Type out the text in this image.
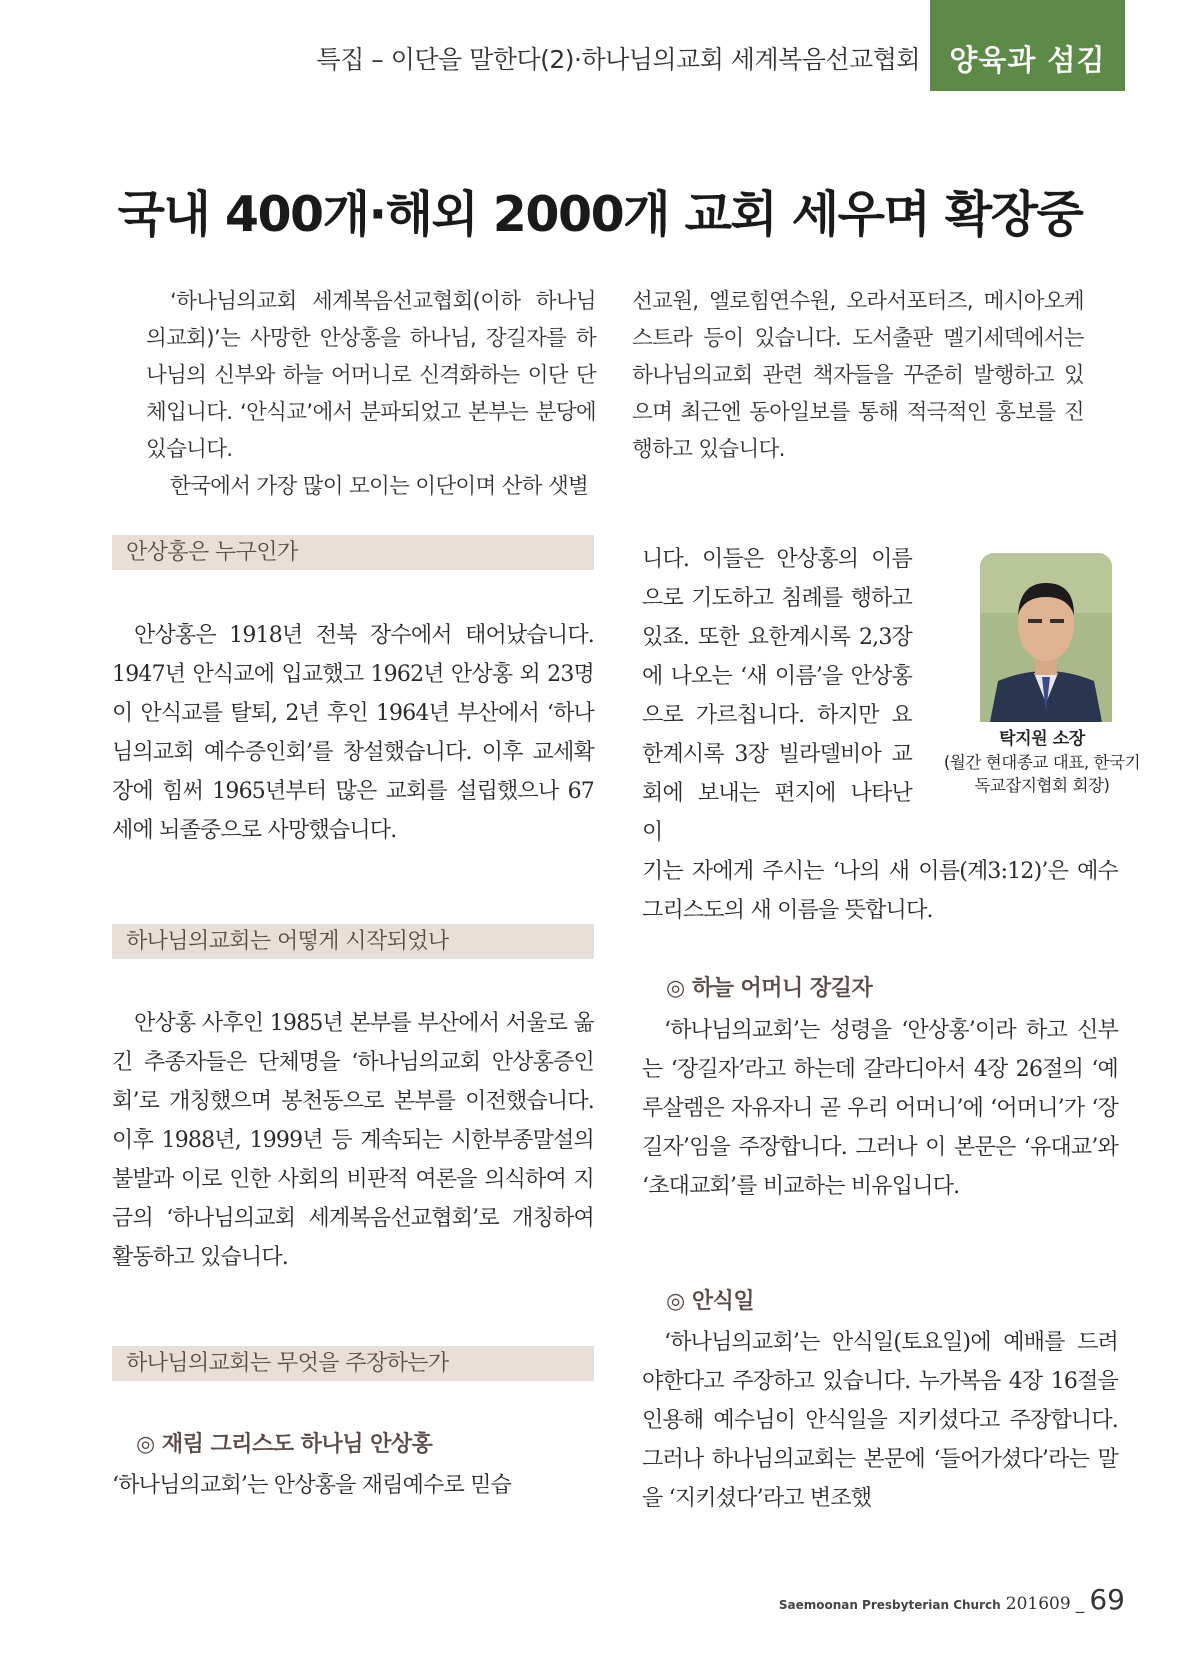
특집 – 이단을 말한다(2)·하나님의교회 세계복음선교협회 양육과 섬김
국내 400개·해외 2000개 교회 세우며 확장중

‘하나님의교회 세계복음선교협회(이하 하나님의교회)’는 사망한 안상홍을 하나님, 장길자를 하나님의 신부와 하늘 어머니로 신격화하는 이단 단체입니다. ‘안식교’에서 분파되었고 본부는 분당에 있습니다.

한국에서 가장 많이 모이는 이단이며 산하 샛별

선교원, 엘로힘연수원, 오라서포터즈, 메시아오케스트라 등이 있습니다. 도서출판 멜기세덱에서는 하나님의교회 관련 책자들을 꾸준히 발행하고 있으며 최근엔 동아일보를 통해 적극적인 홍보를 진행하고 있습니다.

안상홍은 누구인가

안상홍은 1918년 전북 장수에서 태어났습니다. 1947년 안식교에 입교했고 1962년 안상홍 외 23명이 안식교를 탈퇴, 2년 후인 1964년 부산에서 ‘하나님의교회 예수증인회’를 창설했습니다. 이후 교세확장에 힘써 1965년부터 많은 교회를 설립했으나 67세에 뇌졸중으로 사망했습니다.

하나님의교회는 어떻게 시작되었나

안상홍 사후인 1985년 본부를 부산에서 서울로 옮긴 추종자들은 단체명을 ‘하나님의교회 안상홍증인회’로 개칭했으며 봉천동으로 본부를 이전했습니다. 이후 1988년, 1999년 등 계속되는 시한부종말설의 불발과 이로 인한 사회의 비판적 여론을 의식하여 지금의 ‘하나님의교회 세계복음선교협회’로 개칭하여 활동하고 있습니다.

하나님의교회는 무엇을 주장하는가
◎ 재림 그리스도 하나님 안상홍

‘하나님의교회’는 안상홍을 재림예수로 믿습

니다. 이들은 안상홍의 이름으로 기도하고 침례를 행하고 있죠. 또한 요한계시록 2,3장에 나오는 ‘새 이름’을 안상홍으로 가르칩니다. 하지만 요한계시록 3장 빌라델비아 교회에 보내는 편지에 나타난 이

기는 자에게 주시는 ‘나의 새 이름(계3:12)’은 예수 그리스도의 새 이름을 뜻합니다.

탁지원 소장
(월간 현대종교 대표, 한국기독교잡지협회 회장)
◎ 하늘 어머니 장길자

‘하나님의교회’는 성령을 ‘안상홍’이라 하고 신부는 ‘장길자’라고 하는데 갈라디아서 4장 26절의 ‘예루살렘은 자유자니 곧 우리 어머니’에 ‘어머니’가 ‘장길자’임을 주장합니다. 그러나 이 본문은 ‘유대교’와 ‘초대교회’를 비교하는 비유입니다.

◎ 안식일

‘하나님의교회’는 안식일(토요일)에 예배를 드려야한다고 주장하고 있습니다. 누가복음 4장 16절을 인용해 예수님이 안식일을 지키셨다고 주장합니다. 그러나 하나님의교회는 본문에 ‘들어가셨다’라는 말을 ‘지키셨다’라고 변조했

Saemoonan Presbyterian Church 201609 _ 69
